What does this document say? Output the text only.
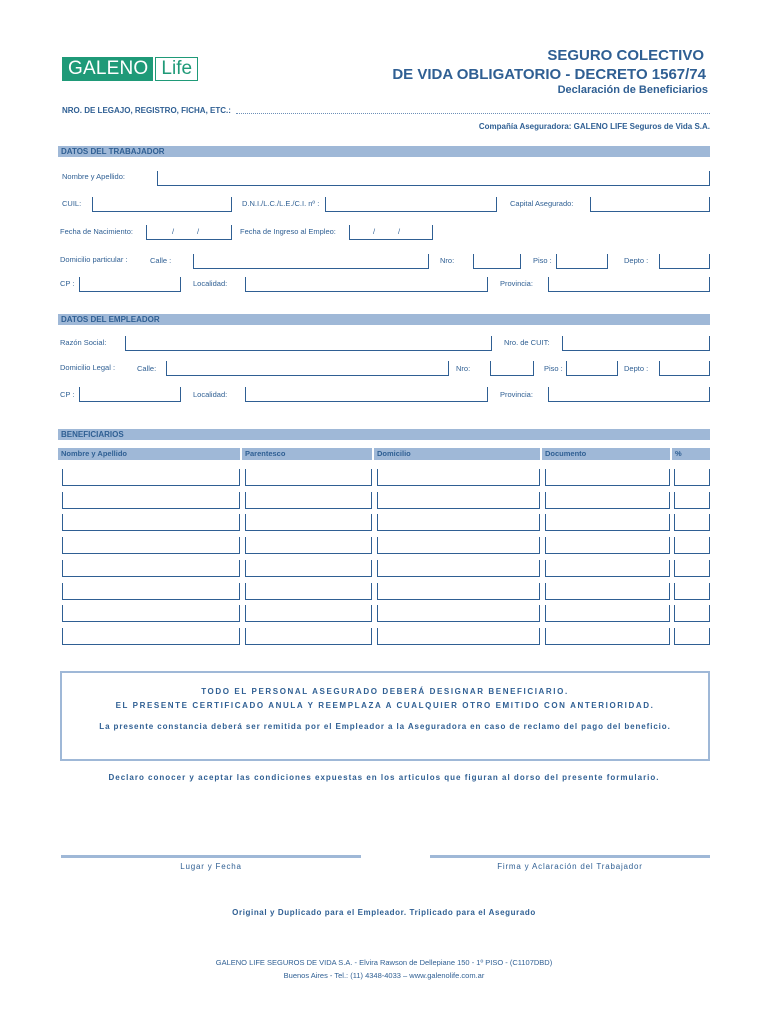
GALENO Life
SEGURO COLECTIVO
DE VIDA OBLIGATORIO - DECRETO 1567/74
Declaración de Beneficiarios
NRO. DE LEGAJO, REGISTRO, FICHA, ETC.:
Compañía Aseguradora: GALENO LIFE Seguros de Vida S.A.
DATOS DEL TRABAJADOR
Nombre y Apellido:
CUIL:	D.N.I./L.C./L.E./C.I. nº :	Capital Asegurado:
Fecha de Nacimiento:	/	/	Fecha de Ingreso al Empleo:	/	/
Domicilio particular :	Calle :	Nro:	Piso :	Depto :
CP :	Localidad:	Provincia:
DATOS DEL EMPLEADOR
Razón Social:	Nro. de CUIT:
Domicilio Legal :	Calle:	Nro:	Piso :	Depto :
CP :	Localidad:	Provincia:
BENEFICIARIOS
Nombre y Apellido	Parentesco	Domicilio	Documento	%
TODO EL PERSONAL ASEGURADO DEBERÁ DESIGNAR BENEFICIARIO.
EL PRESENTE CERTIFICADO ANULA Y REEMPLAZA A CUALQUIER OTRO EMITIDO CON ANTERIORIDAD.
La presente constancia deberá ser remitida por el Empleador a la Aseguradora en caso de reclamo del pago del beneficio.
Declaro conocer y aceptar las condiciones expuestas en los articulos que figuran al dorso del presente formulario.
Lugar y Fecha	Firma y Aclaración del Trabajador
Original y Duplicado para el Empleador. Triplicado para el Asegurado
GALENO LIFE SEGUROS DE VIDA S.A. - Elvira Rawson de Dellepiane 150 - 1º PISO - (C1107DBD)
Buenos Aires - Tel.: (11) 4348-4033 – www.galenolife.com.ar
